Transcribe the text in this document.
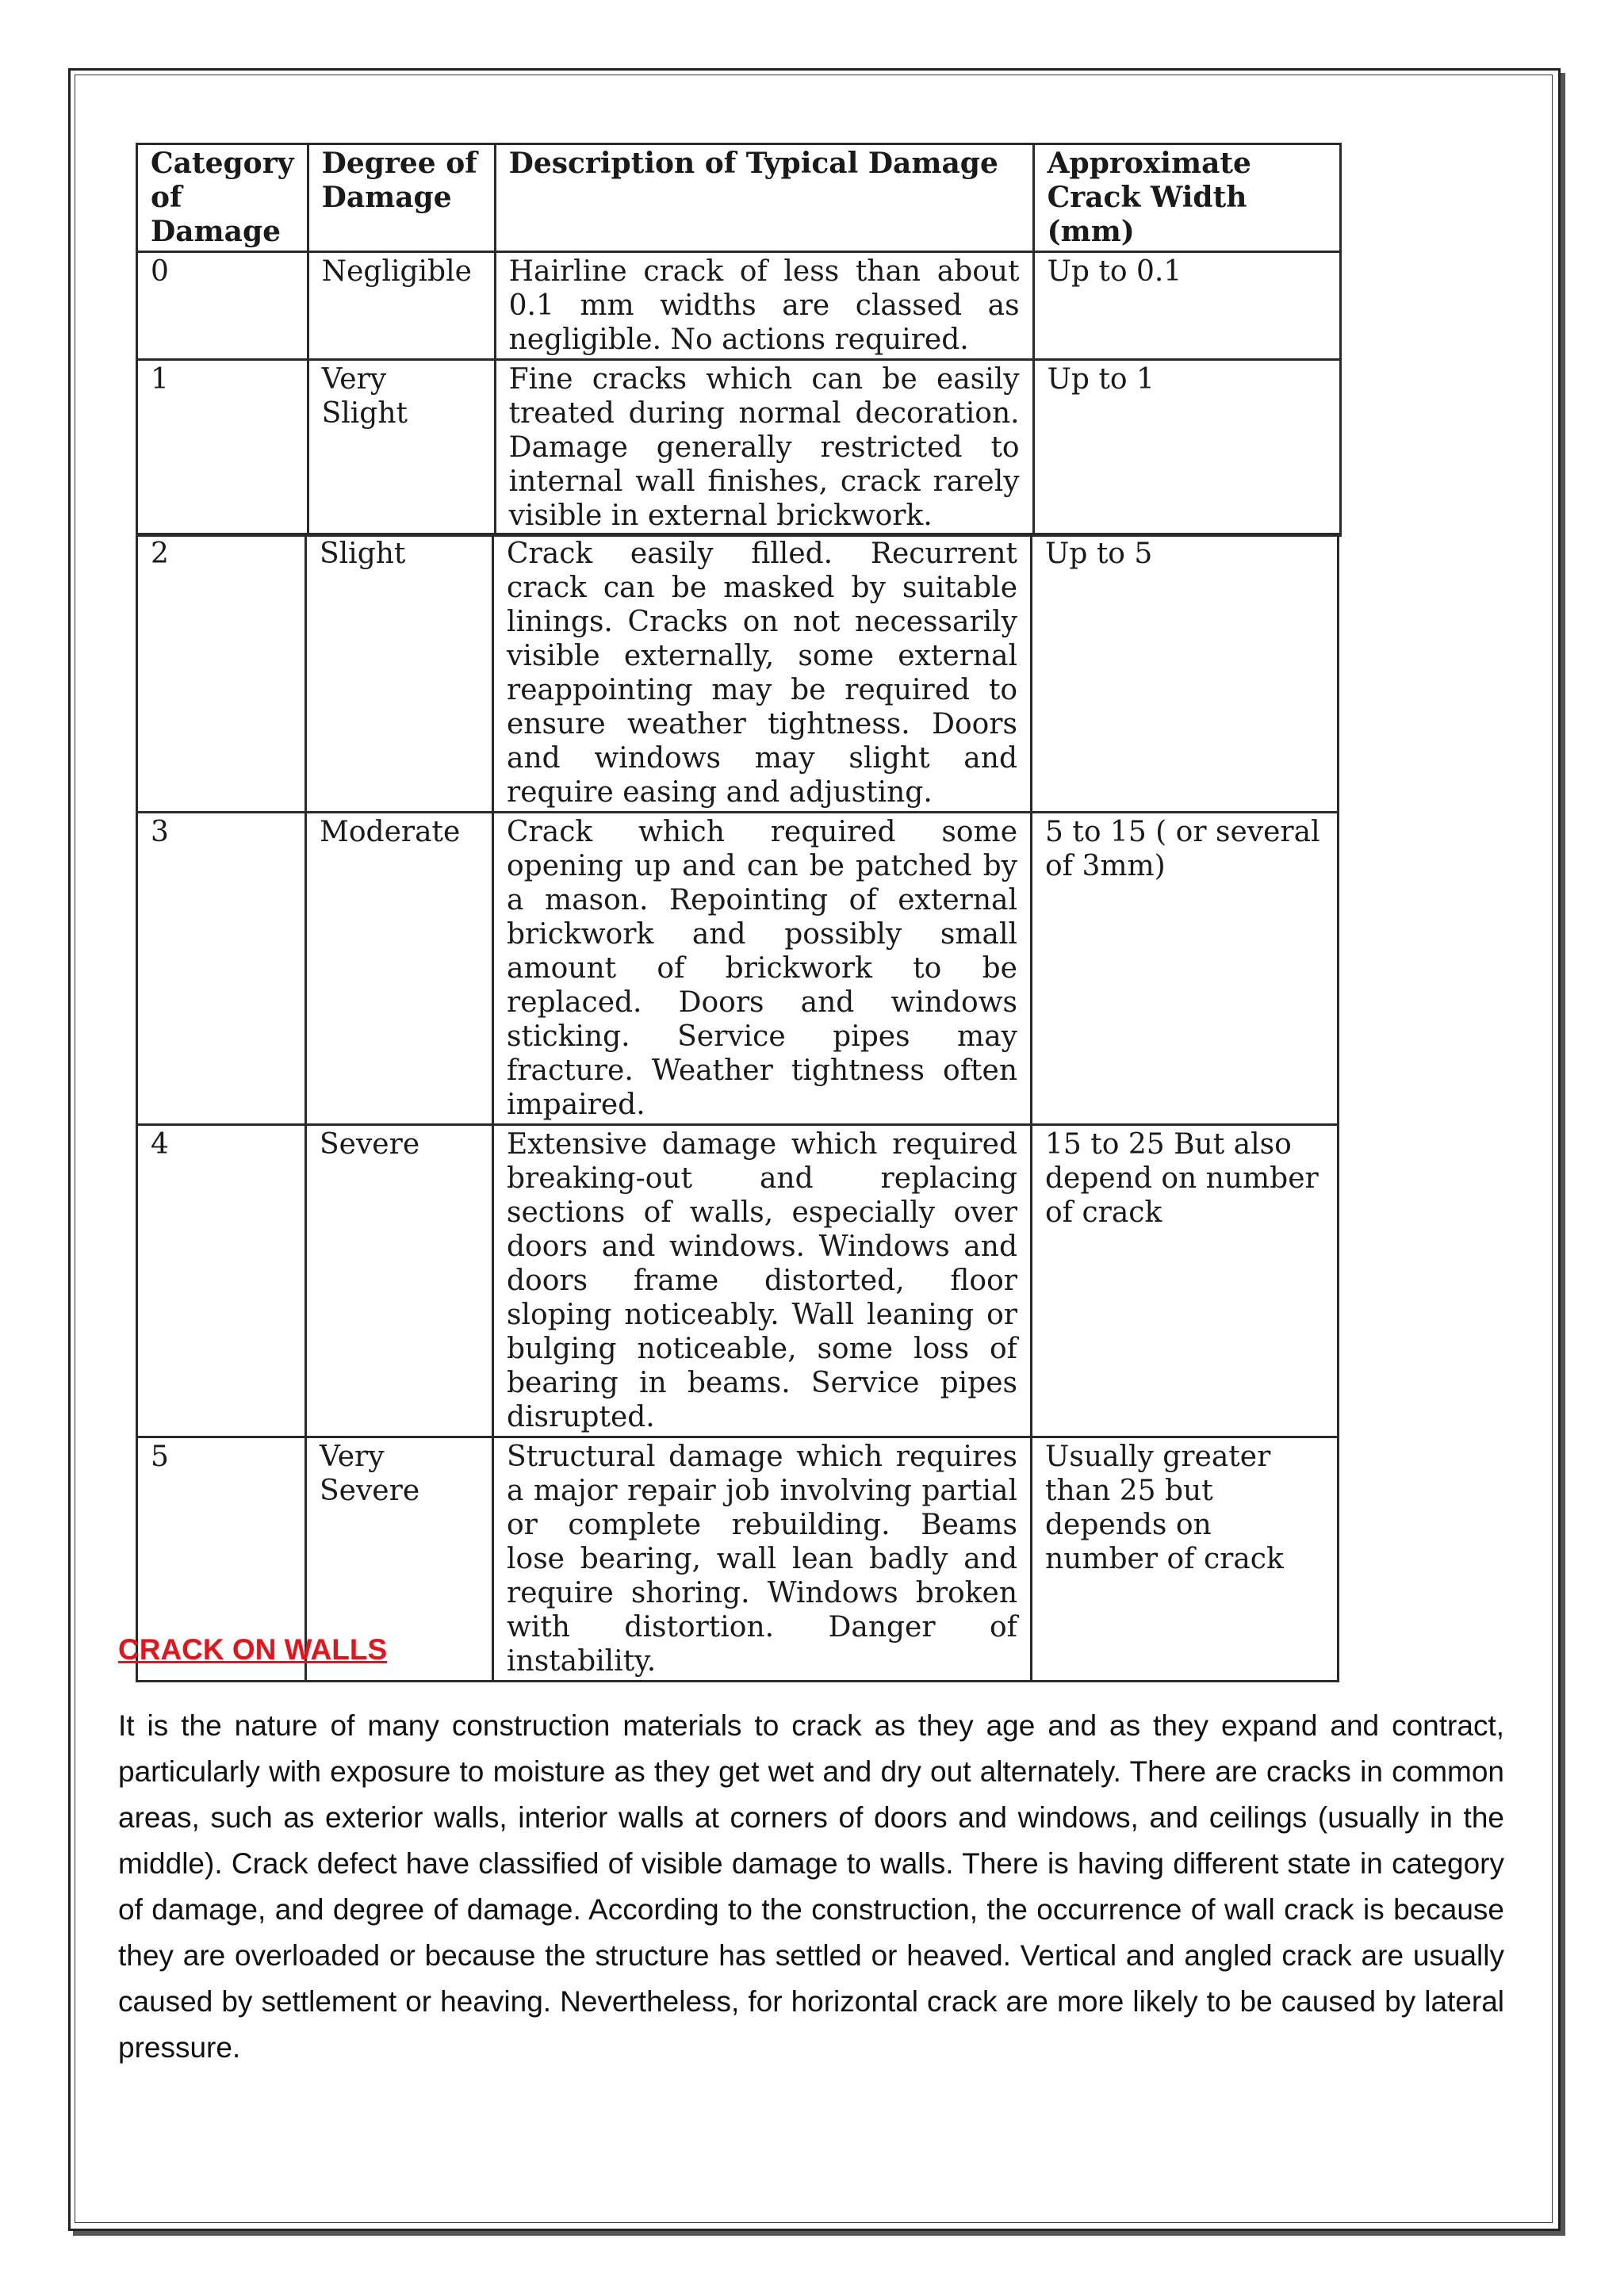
Category of Damage	Degree of Damage	Description of Typical Damage	Approximate Crack Width (mm)
0	Negligible	Hairline crack of less than about 0.1 mm widths are classed as negligible. No actions required.	Up to 0.1
1	Very Slight	Fine cracks which can be easily treated during normal decoration. Damage generally restricted to internal wall finishes, crack rarely visible in external brickwork.	Up to 1
2	Slight	Crack easily filled. Recurrent crack can be masked by suitable linings. Cracks on not necessarily visible externally, some external reappointing may be required to ensure weather tightness. Doors and windows may slight and require easing and adjusting.	Up to 5
3	Moderate	Crack which required some opening up and can be patched by a mason. Repointing of external brickwork and possibly small amount of brickwork to be replaced. Doors and windows sticking. Service pipes may fracture. Weather tightness often impaired.	5 to 15 ( or several of 3mm)
4	Severe	Extensive damage which required breaking-out and replacing sections of walls, especially over doors and windows. Windows and doors frame distorted, floor sloping noticeably. Wall leaning or bulging noticeable, some loss of bearing in beams. Service pipes disrupted.	15 to 25 But also depend on number of crack
5	Very Severe	Structural damage which requires a major repair job involving partial or complete rebuilding. Beams lose bearing, wall lean badly and require shoring. Windows broken with distortion. Danger of instability.	Usually greater than 25 but depends on number of crack
CRACK ON WALLS

It is the nature of many construction materials to crack as they age and as they expand and contract, particularly with exposure to moisture as they get wet and dry out alternately. There are cracks in common areas, such as exterior walls, interior walls at corners of doors and windows, and ceilings (usually in the middle). Crack defect have classified of visible damage to walls. There is having different state in category of damage, and degree of damage. According to the construction, the occurrence of wall crack is because they are overloaded or because the structure has settled or heaved. Vertical and angled crack are usually caused by settlement or heaving. Nevertheless, for horizontal crack are more likely to be caused by lateral pressure.
